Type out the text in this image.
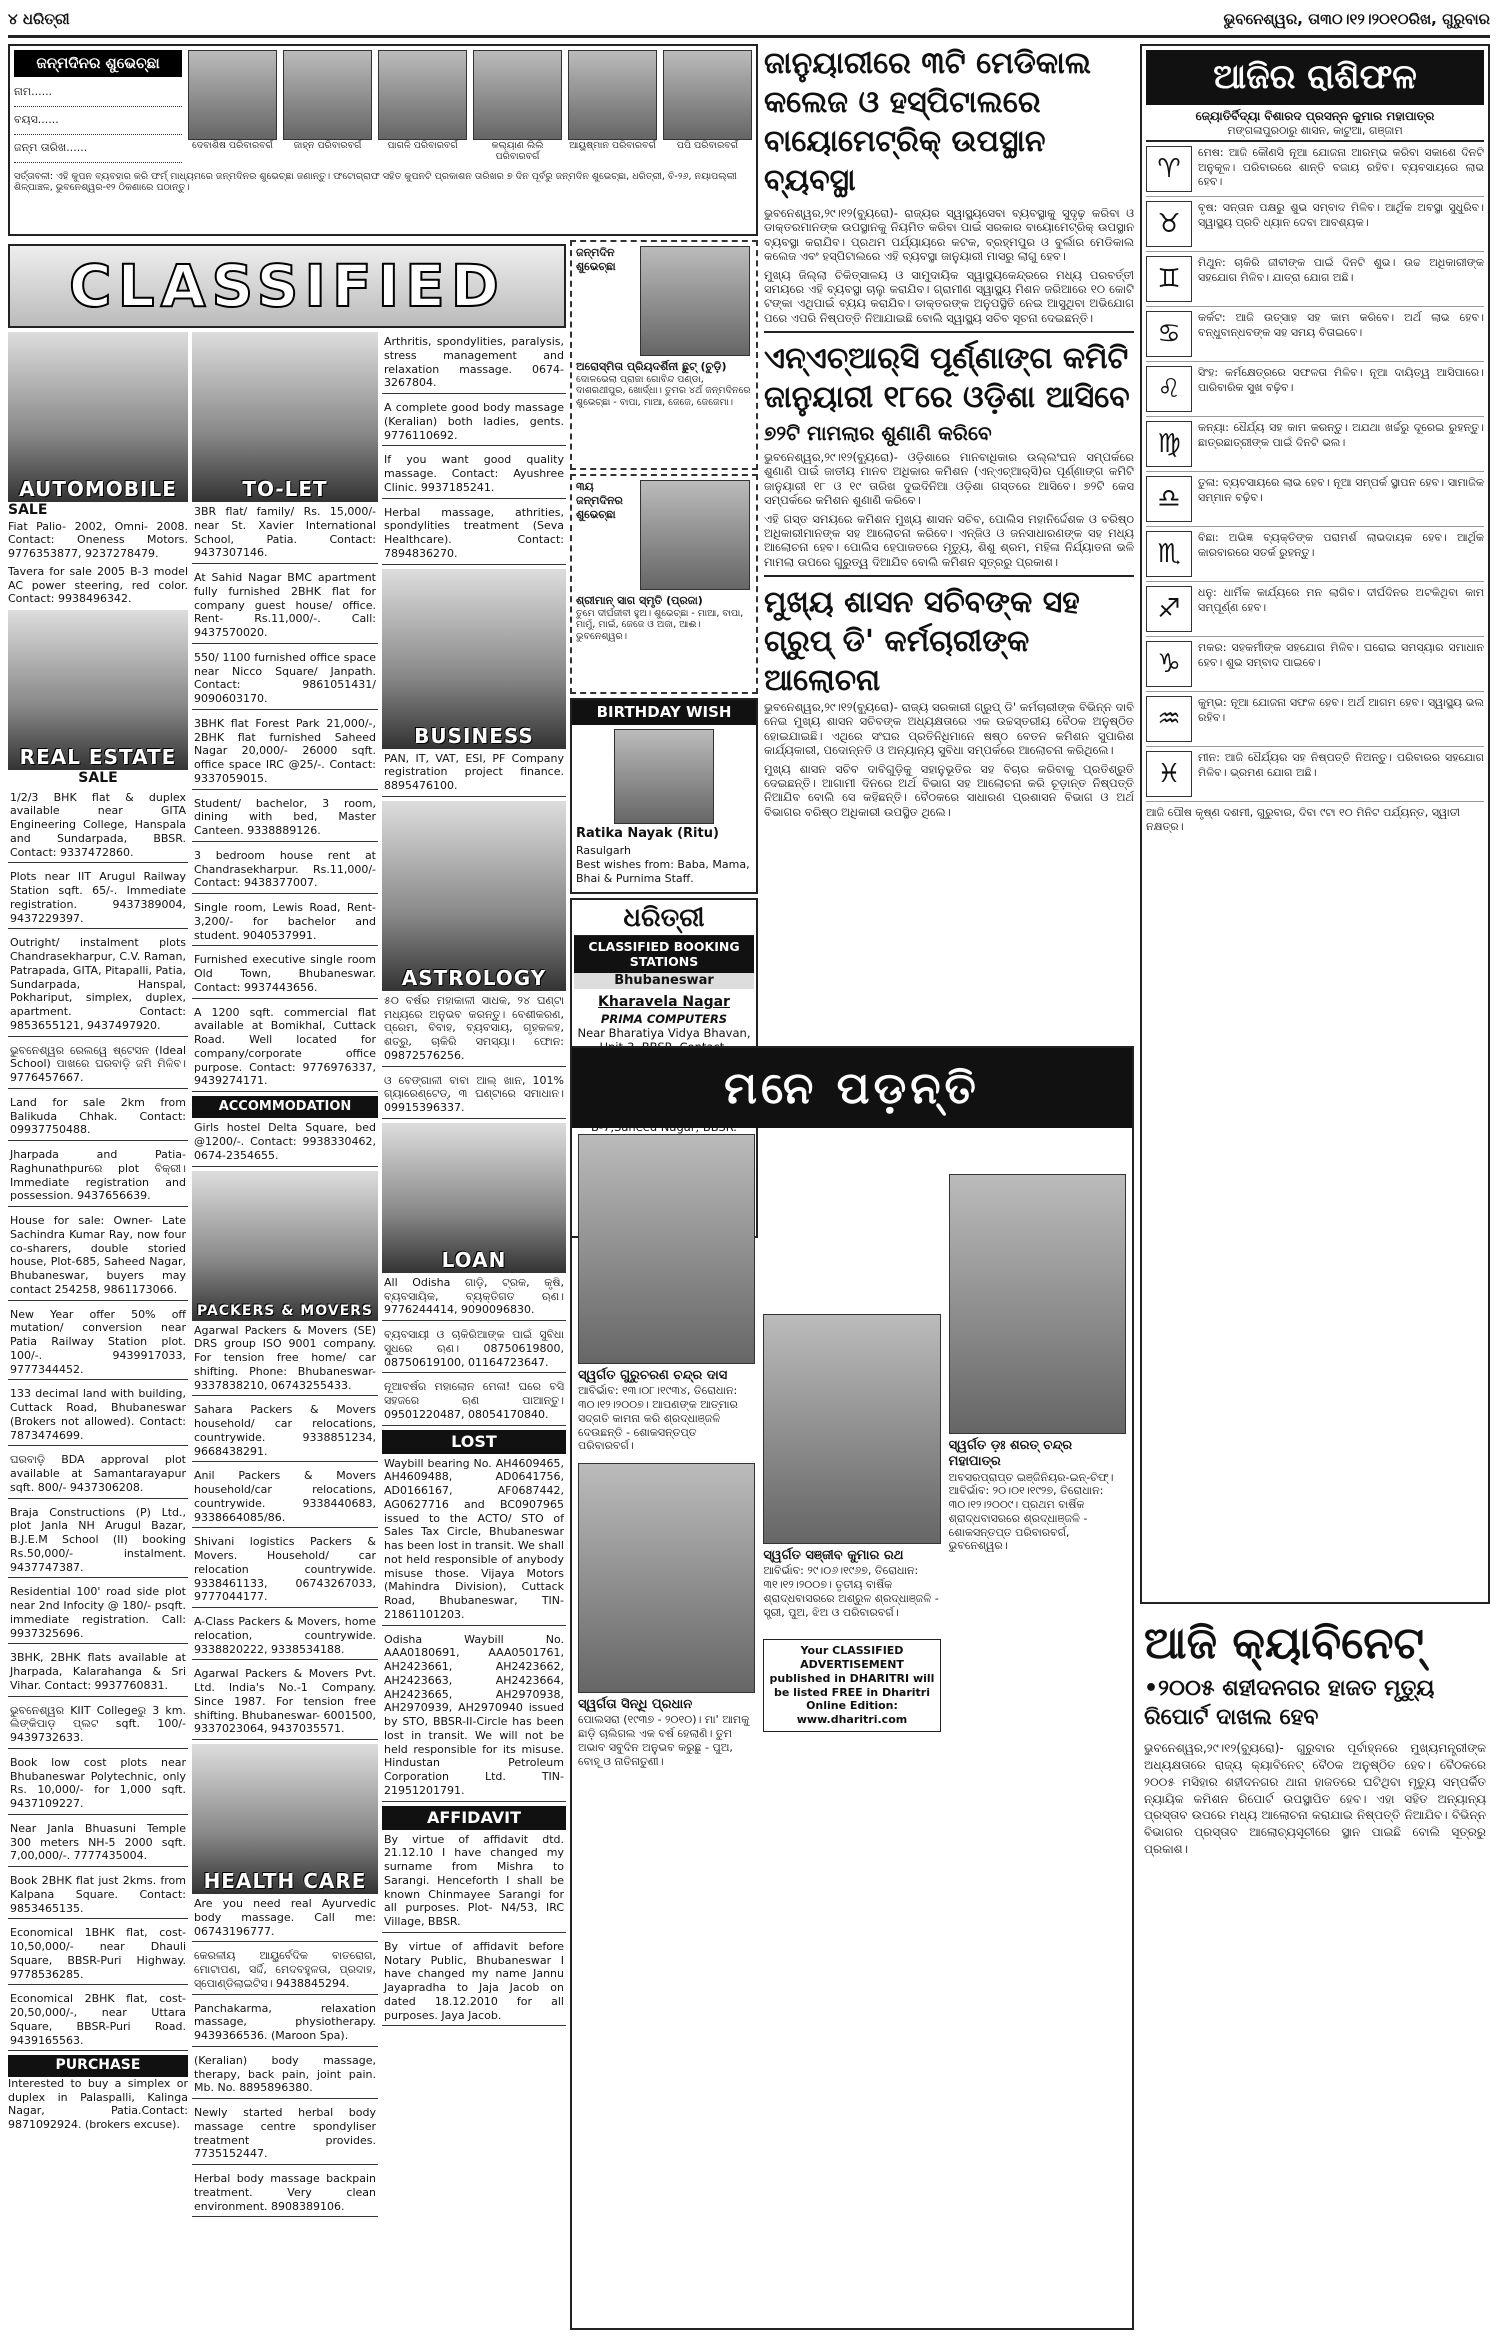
୪ ଧରିତ୍ରୀ	ଭୁବନେଶ୍ୱର, ତା୩୦।୧୨।୨୦୧୦ରିଖ, ଗୁରୁବାର
ଜନ୍ମଦିନର ଶୁଭେଚ୍ଛା
ନାମ......
ବୟସ......
ଜନ୍ମ ତାରିଖ......	ଦେବାଶିଷ ପରିବାରବର୍ଗ	ଜାହ୍ନ ପରିବାରବର୍ଗ	ପାଗଳି ପରିବାରବର୍ଗ	କଲ୍ୟାଣ ଲିଲି ପରିବାରବର୍ଗ
ଆୟୁଷ୍ମାନ ପରିବାରବର୍ଗ	ପପି ପରିବାରବର୍ଗ
ସର୍ତ୍ତାବଳୀ: ଏହି କୁପନ ବ୍ୟବହାର କରି ଫର୍ମ୍ ମାଧ୍ୟମରେ ଜନ୍ମଦିନର ଶୁଭେଚ୍ଛା ଜଣାନ୍ତୁ। ଫଟୋଗ୍ରାଫ ସହିତ କୁପନଟି ପ୍ରକାଶନ ତାରିଖର ୭ ଦିନ ପୂର୍ବରୁ ଜନ୍ମଦିନ ଶୁଭେଚ୍ଛା, ଧରିତ୍ରୀ, ବି-୨୬, ନୟାପଲ୍ଲୀ ଶିଳ୍ପାଞ୍ଚଳ, ଭୁବନେଶ୍ୱର-୧୨ ଠିକଣାରେ ପଠାନ୍ତୁ।
CLASSIFIED
AUTOMOBILE
SALE

Fiat Palio- 2002, Omni- 2008. Contact: Oneness Motors. 9776353877, 9237278479.

Tavera for sale 2005 B-3 model AC power steering, red color. Contact: 9938496342.

REAL ESTATE
SALE

1/2/3 BHK flat & duplex available near GITA Engineering College, Hanspala and Sundarpada, BBSR. Contact: 9337472860.

Plots near IIT Arugul Railway Station sqft. 65/-. Immediate registration. 9437389004, 9437229397.

Outright/ instalment plots Chandrasekharpur, C.V. Raman, Patrapada, GITA, Pitapalli, Patia, Sundarpada, Hanspal, Pokhariput, simplex, duplex, apartment. Contact: 9853655121, 9437497920.

ଭୁବନେଶ୍ୱର ରେଲୱେ ଷ୍ଟେସନ (Ideal School) ପାଖରେ ଘରବାଡ଼ି ଜମି ମିଳିବ। 9776457667.

Land for sale 2km from Balikuda Chhak. Contact: 09937750488.

Jharpada and Patia-Raghunathpurରେ plot ବିକ୍ରୀ। Immediate registration and possession. 9437656639.

House for sale: Owner- Late Sachindra Kumar Ray, now four co-sharers, double storied house, Plot-685, Saheed Nagar, Bhubaneswar, buyers may contact 254258, 9861173066.

New Year offer 50% off mutation/ conversion near Patia Railway Station plot. 100/-. 9439917033, 9777344452.

133 decimal land with building, Cuttack Road, Bhubaneswar (Brokers not allowed). Contact: 7873474699.

ଘରବାଡ଼ି BDA approval plot available at Samantarayapur sqft. 800/- 9437306208.

Braja Constructions (P) Ltd., plot Janla NH Arugul Bazar, B.J.E.M School (II) booking Rs.50,000/- instalment. 9437747387.

Residential 100' road side plot near 2nd Infocity @ 180/- psqft. immediate registration. Call: 9937325696.

3BHK, 2BHK flats available at Jharpada, Kalarahanga & Sri Vihar. Contact: 9937760831.

ଭୁବନେଶ୍ୱର KIIT Collegeରୁ 3 km. ଲିଙ୍କିପାଡ଼ ପ୍ଲଟ sqft. 100/- 9439732633.

Book low cost plots near Bhubaneswar Polytechnic, only Rs. 10,000/- for 1,000 sqft. 9437109227.

Near Janla Bhuasuni Temple 300 meters NH-5 2000 sqft. 7,00,000/-. 7777435004.

Book 2BHK flat just 2kms. from Kalpana Square. Contact: 9853465135.

Economical 1BHK flat, cost- 10,50,000/- near Dhauli Square, BBSR-Puri Highway. 9778536285.

Economical 2BHK flat, cost- 20,50,000/-, near Uttara Square, BBSR-Puri Road. 9439165563.

PURCHASE

Interested to buy a simplex or duplex in Palaspalli, Kalinga Nagar, Patia.Contact: 9871092924. (brokers excuse).

TO-LET

3BR flat/ family/ Rs. 15,000/- near St. Xavier International School, Patia. Contact: 9437307146.

At Sahid Nagar BMC apartment fully furnished 2BHK flat for company guest house/ office. Rent- Rs.11,000/-. Call: 9437570020.

550/ 1100 furnished office space near Nicco Square/ Janpath. Contact: 9861051431/ 9090603170.

3BHK flat Forest Park 21,000/-, 2BHK flat furnished Saheed Nagar 20,000/- 26000 sqft. office space IRC @25/-. Contact: 9337059015.

Student/ bachelor, 3 room, dining with bed, Master Canteen. 9338889126.

3 bedroom house rent at Chandrasekharpur. Rs.11,000/- Contact: 9438377007.

Single room, Lewis Road, Rent- 3,200/- for bachelor and student. 9040537991.

Furnished executive single room Old Town, Bhubaneswar. Contact: 9937443656.

A 1200 sqft. commercial flat available at Bomikhal, Cuttack Road. Well located for company/corporate office purpose. Contact: 9776976337, 9439274171.

ACCOMMODATION

Girls hostel Delta Square, bed @1200/-. Contact: 9938330462, 0674-2354655.

PACKERS & MOVERS

Agarwal Packers & Movers (SE) DRS group ISO 9001 company. For tension free home/ car shifting. Phone: Bhubaneswar- 9337838210, 06743255433.

Sahara Packers & Movers household/ car relocations, countrywide. 9338851234, 9668438291.

Anil Packers & Movers household/car relocations, countrywide. 9338440683, 9338664085/86.

Shivani logistics Packers & Movers. Household/ car relocation countrywide. 9338461133, 06743267033, 9777044177.

A-Class Packers & Movers, home relocation, countrywide. 9338820222, 9338534188.

Agarwal Packers & Movers Pvt. Ltd. India's No.-1 Company. Since 1987. For tension free shifting. Bhubaneswar- 6001500, 9337023064, 9437035571.

HEALTH CARE

Are you need real Ayurvedic body massage. Call me: 06743196777.

କେରଳୀୟ ଆୟୁର୍ବେଦିକ ବାତରୋଗ, ମୋଟାପଣ, ସର୍ଦ୍ଦି, ମେଦବହୁଳତା, ପ୍ରଦାହ, ସ୍ପୋଣ୍ଡିଲାଇଟିସ। 9438845294.

Panchakarma, relaxation massage, physiotherapy. 9439366536. (Maroon Spa).

(Keralian) body massage, therapy, back pain, joint pain. Mb. No. 8895896380.

Newly started herbal body massage centre spondyliser treatment provides. 7735152447.

Herbal body massage backpain treatment. Very clean environment. 8908389106.

Arthritis, spondylities, paralysis, stress management and relaxation massage. 0674-3267804.

A complete good body massage (Keralian) both ladies, gents. 9776110692.

If you want good quality massage. Contact: Ayushree Clinic. 9937185241.

Herbal massage, athrities, spondylities treatment (Seva Healthcare). Contact: 7894836270.

BUSINESS

PAN, IT, VAT, ESI, PF Company registration project finance. 8895476100.

ASTROLOGY

୫୦ ବର୍ଷର ମହାକାଳୀ ସାଧକ, ୨୪ ଘଣ୍ଟା ମଧ୍ୟରେ ଅନୁଭବ କରନ୍ତୁ। ବେଶୀକରଣ, ପ୍ରେମ, ବିବାହ, ବ୍ୟବସାୟ, ଗୃହକଳହ, ଶତ୍ରୁ, ଚାକିରି ସମସ୍ୟା। ଫୋନ: 09872576256.

ଓ ବେଙ୍ଗାଳୀ ବାବା ଆଲ୍ ଖାନ, 101% ଗ୍ୟାରେଣ୍ଟେଡ୍, ୩ ଘଣ୍ଟାରେ ସମାଧାନ। 09915396337.

LOAN

All Odisha ଗାଡ଼ି, ଟ୍ରକ, କୃଷି, ବ୍ୟବସାୟିକ, ବ୍ୟକ୍ତିଗତ ଋଣ। 9776244414, 9090096830.

ବ୍ୟବସାୟୀ ଓ ଚାକିରିଆଙ୍କ ପାଇଁ ସୁବିଧା ସୁଧରେ ଋଣ। 08750619800, 08750619100, 01164723647.

ନୂଆବର୍ଷର ମହାଲୋନ ମେଳା! ଘରେ ବସି ସହଜରେ ଋଣ ପାଆନ୍ତୁ। 09501220487, 08054170840.

LOST

Waybill bearing No. AH4609465, AH4609488, AD0641756, AD0166167, AF0687442, AG0627716 and BC0907965 issued to the ACTO/ STO of Sales Tax Circle, Bhubaneswar has been lost in transit. We shall not held responsible of anybody misuse those. Vijaya Motors (Mahindra Division), Cuttack Road, Bhubaneswar, TIN-21861101203.

Odisha Waybill No. AAA0180691, AAA0501761, AH2423661, AH2423662, AH2423663, AH2423664, AH2423665, AH2970938, AH2970939, AH2970940 issued by STO, BBSR-II-Circle has been lost in transit. We will not be held responsible for its misuse. Hindustan Petroleum Corporation Ltd. TIN-21951201791.

AFFIDAVIT

By virtue of affidavit dtd. 21.12.10 I have changed my surname from Mishra to Sarangi. Henceforth I shall be known Chinmayee Sarangi for all purposes. Plot- N4/53, IRC Village, BBSR.

By virtue of affidavit before Notary Public, Bhubaneswar I have changed my name Jannu Jayapradha to Jaja Jacob on dated 18.12.2010 for all purposes. Jaya Jacob.

ଜନ୍ମଦିନ ଶୁଭେଚ୍ଛା
ଅରୋସ୍ମିତା ପ୍ରିୟଦର୍ଶିନୀ ଛୁଟ୍ (ଚୁଡ଼ି)
ଦୋଳଭେଲା ପ୍ରାଜା ଗୋବିନ୍ଦ ପଣ୍ଡା, ଦାଶରଥୀପୁର, ଖୋର୍ଦ୍ଧା। ତୁମର ୪ର୍ଥ ଜନ୍ମଦିନରେ ଶୁଭେଚ୍ଛା - ବାପା, ମାଆ, ଜେଜେ, ଜେଜେମା।
୩ୟ ଜନ୍ମଦିନର ଶୁଭେଚ୍ଛା
ଶ୍ରୀମାନ୍ ସାଗ ସ୍ମୃତି (ପ୍ରଜା)
ତୁମେ ଦୀର୍ଘଜୀବୀ ହୁଅ। ଶୁଭେଚ୍ଛା - ମାଆ, ବାପା, ମାମୁଁ, ମାଇଁ, ଜେଜେ ଓ ଅଜା, ଆଈ। ଭୁବନେଶ୍ୱର।
BIRTHDAY WISH
Ratika Nayak (Ritu)
Rasulgarh
Best wishes from: Baba, Mama, Bhai & Purnima Staff.
ଧରିତ୍ରୀ
CLASSIFIED BOOKING STATIONS
Bhubaneswar
Kharavela Nagar

PRIMA COMPUTERS

Near Bharatiya Vidya Bhavan,

ଜାନୁୟାରୀରେ ୩ଟି ମେଡିକାଲ କଲେଜ ଓ ହସ୍ପିଟାଲରେ ବାୟୋମେଟ୍ରିକ୍ ଉପସ୍ଥାନ ବ୍ୟବସ୍ଥା

ଭୁବନେଶ୍ୱର,୨୯।୧୨(ବ୍ୟୁରୋ)- ରାଜ୍ୟର ସ୍ୱାସ୍ଥ୍ୟସେବା ବ୍ୟବସ୍ଥାକୁ ସୁଦୃଢ଼ କରିବା ଓ ଡାକ୍ତରମାନଙ୍କ ଉପସ୍ଥାନକୁ ନିୟମିତ କରିବା ପାଇଁ ସରକାର ବାୟୋମେଟ୍ରିକ୍ ଉପସ୍ଥାନ ବ୍ୟବସ୍ଥା କରାଯିବ। ପ୍ରଥମ ପର୍ଯ୍ୟାୟରେ କଟକ, ବ୍ରହ୍ମପୁର ଓ ବୁର୍ଲାର ମେଡିକାଲ କଲେଜ ଏବଂ ହସ୍ପିଟାଲରେ ଏହି ବ୍ୟବସ୍ଥା ଜାନୁୟାରୀ ମାସରୁ ଲାଗୁ ହେବ।

ମୁଖ୍ୟ ଜିଲ୍ଲା ଚିକିତ୍ସାଳୟ ଓ ସାମୁଦାୟିକ ସ୍ୱାସ୍ଥ୍ୟକେନ୍ଦ୍ରରେ ମଧ୍ୟ ପରବର୍ତ୍ତୀ ସମୟରେ ଏହି ବ୍ୟବସ୍ଥା ଚାଲୁ କରାଯିବ। ଗ୍ରାମୀଣ ସ୍ୱାସ୍ଥ୍ୟ ମିଶନ ଜରିଆରେ ୧୦ କୋଟି ଟଙ୍କା ଏଥିପାଇଁ ବ୍ୟୟ କରାଯିବ। ଡାକ୍ତରଙ୍କ ଅନୁପସ୍ଥିତି ନେଇ ଆସୁଥିବା ଅଭିଯୋଗ ପରେ ଏପରି ନିଷ୍ପତ୍ତି ନିଆଯାଇଛି ବୋଲି ସ୍ୱାସ୍ଥ୍ୟ ସଚିବ ସୂଚନା ଦେଇଛନ୍ତି।

ଏନ୍‌ଏଚ୍‌ଆର୍‌ସି ପୂର୍ଣ୍ଣାଙ୍ଗ କମିଟି ଜାନୁୟାରୀ ୧୮ରେ ଓଡ଼ିଶା ଆସିବେ
୭୨ଟି ମାମଲାର ଶୁଣାଣି କରିବେ

ଭୁବନେଶ୍ୱର,୨୯।୧୨(ବ୍ୟୁରୋ)- ଓଡ଼ିଶାରେ ମାନବାଧିକାର ଉଲ୍ଲଂଘନ ସମ୍ପର୍କରେ ଶୁଣାଣି ପାଇଁ ଜାତୀୟ ମାନବ ଅଧିକାର କମିଶନ (ଏନ୍‌ଏଚ୍‌ଆର୍‌ସି)ର ପୂର୍ଣ୍ଣାଙ୍ଗ କମିଟି ଜାନୁୟାରୀ ୧୮ ଓ ୧୯ ତାରିଖ ଦୁଇଦିନିଆ ଓଡ଼ିଶା ଗସ୍ତରେ ଆସିବେ। ୭୨ଟି କେସ ସମ୍ପର୍କରେ କମିଶନ ଶୁଣାଣି କରିବେ।

ଏହି ଗସ୍ତ ସମୟରେ କମିଶନ ମୁଖ୍ୟ ଶାସନ ସଚିବ, ପୋଲିସ ମହାନିର୍ଦ୍ଦେଶକ ଓ ବରିଷ୍ଠ ଅଧିକାରୀମାନଙ୍କ ସହ ଆଲୋଚନା କରିବେ। ଏନ୍‌ଜିଓ ଓ ଜନସାଧାରଣଙ୍କ ସହ ମଧ୍ୟ ଆଲୋଚନା ହେବ। ପୋଲିସ ହେପାଜତରେ ମୃତ୍ୟୁ, ଶିଶୁ ଶ୍ରମ, ମହିଳା ନିର୍ଯ୍ୟାତନା ଭଳି ମାମଲା ଉପରେ ଗୁରୁତ୍ୱ ଦିଆଯିବ ବୋଲି କମିଶନ ସୂତ୍ରରୁ ପ୍ରକାଶ।

ମୁଖ୍ୟ ଶାସନ ସଚିବଙ୍କ ସହ ଗ୍ରୁପ୍ ଡି' କର୍ମଚାରୀଙ୍କ ଆଲୋଚନା

ଭୁବନେଶ୍ୱର,୨୯।୧୨(ବ୍ୟୁରୋ)- ରାଜ୍ୟ ସରକାରୀ ଗ୍ରୁପ୍ ଡି' କର୍ମଚାରୀଙ୍କ ବିଭିନ୍ନ ଦାବି ନେଇ ମୁଖ୍ୟ ଶାସନ ସଚିବଙ୍କ ଅଧ୍ୟକ୍ଷତାରେ ଏକ ଉଚ୍ଚସ୍ତରୀୟ ବୈଠକ ଅନୁଷ୍ଠିତ ହୋଇଯାଇଛି। ଏଥିରେ ସଂଘର ପ୍ରତିନିଧିମାନେ ଷଷ୍ଠ ବେତନ କମିଶନ ସୁପାରିଶ କାର୍ଯ୍ୟକାରୀ, ପଦୋନ୍ନତି ଓ ଅନ୍ୟାନ୍ୟ ସୁବିଧା ସମ୍ପର୍କରେ ଆଲୋଚନା କରିଥିଲେ।

ମୁଖ୍ୟ ଶାସନ ସଚିବ ଦାବିଗୁଡ଼ିକୁ ସହାନୁଭୂତିର ସହ ବିଚାର କରିବାକୁ ପ୍ରତିଶ୍ରୁତି ଦେଇଛନ୍ତି। ଆଗାମୀ ଦିନରେ ଅର୍ଥ ବିଭାଗ ସହ ଆଲୋଚନା କରି ଚୂଡ଼ାନ୍ତ ନିଷ୍ପତ୍ତି ନିଆଯିବ ବୋଲି ସେ କହିଛନ୍ତି। ବୈଠକରେ ସାଧାରଣ ପ୍ରଶାସନ ବିଭାଗ ଓ ଅର୍ଥ ବିଭାଗର ବରିଷ୍ଠ ଅଧିକାରୀ ଉପସ୍ଥିତ ଥିଲେ।

ମନେ ପଡ଼ନ୍ତି
ସ୍ୱର୍ଗତ ଗୁରୁଚରଣ ଚନ୍ଦ୍ର ଦାସ
ଆବିର୍ଭାବ: ୧୩।୦୮।୧୯୩୪, ତିରୋଧାନ: ୩୦।୧୨।୨୦୦୭। ଆପଣଙ୍କ ଆତ୍ମାର ସଦ୍‌ଗତି କାମନା କରି ଶ୍ରଦ୍ଧାଞ୍ଜଳି ଦେଉଛନ୍ତି - ଶୋକସନ୍ତପ୍ତ ପରିବାରବର୍ଗ।
ସ୍ୱର୍ଗତା ସିନ୍ଧି ପ୍ରଧାନ
ପୋଲସରା (୧୯୩୭ - ୨୦୧୦)। ମା' ଆମକୁ ଛାଡ଼ି ଚାଲିଗଲ ଏକ ବର୍ଷ ହେଲାଣି। ତୁମ ଅଭାବ ସବୁଦିନ ଅନୁଭବ କରୁଛୁ - ପୁଅ, ବୋହୂ ଓ ନାତିନାତୁଣୀ।
ସ୍ୱର୍ଗତ ସଞ୍ଜୀବ କୁମାର ରଥ
ଆବିର୍ଭାବ: ୨୯।୦୬।୧୯୬୭, ତିରୋଧାନ: ୩୧।୧୨।୨୦୦୭। ତୃତୀୟ ବାର୍ଷିକ ଶ୍ରାଦ୍ଧବାସରରେ ଅଶ୍ରୁଳ ଶ୍ରଦ୍ଧାଞ୍ଜଳି - ସ୍ତ୍ରୀ, ପୁଅ, ଝିଅ ଓ ପରିବାରବର୍ଗ।
Your CLASSIFIED ADVERTISEMENT published in DHARITRI will be listed FREE in Dharitri Online Edition: www.dharitri.com
ସ୍ୱର୍ଗତ ଡ଼ଃ ଶରତ୍ ଚନ୍ଦ୍ର ମହାପାତ୍ର
ଅବସରପ୍ରାପ୍ତ ଇଞ୍ଜିନିୟର-ଇନ୍-ଚିଫ୍। ଆବିର୍ଭାବ: ୨୦।୦୧।୧୯୨୭, ତିରୋଧାନ: ୩୦।୧୨।୨୦୦୯। ପ୍ରଥମ ବାର୍ଷିକ ଶ୍ରାଦ୍ଧବାସରରେ ଶ୍ରଦ୍ଧାଞ୍ଜଳି - ଶୋକସନ୍ତପ୍ତ ପରିବାରବର୍ଗ, ଭୁବନେଶ୍ୱର।
ଆଜିର ରାଶିଫଳ
ଜ୍ୟୋତିର୍ବିଦ୍ୟା ବିଶାରଦ ପ୍ରସନ୍ନ କୁମାର ମହାପାତ୍ର
ମଙ୍ଗଳାପୁରଠାରୁ ଶାସନ, କାଟୁଆ, ଗଞ୍ଜାମ
♈
ମେଷ: ଆଜି କୌଣସି ନୂଆ ଯୋଜନା ଆରମ୍ଭ କରିବା ସକାଶେ ଦିନଟି ଅନୁକୂଳ। ପରିବାରରେ ଶାନ୍ତି ବଜାୟ ରହିବ। ବ୍ୟବସାୟରେ ଲାଭ ହେବ।
♉
ବୃଷ: ସନ୍ତାନ ପକ୍ଷରୁ ଶୁଭ ସମ୍ବାଦ ମିଳିବ। ଆର୍ଥିକ ଅବସ୍ଥା ସୁଧୁରିବ। ସ୍ୱାସ୍ଥ୍ୟ ପ୍ରତି ଧ୍ୟାନ ଦେବା ଆବଶ୍ୟକ।
♊
ମିଥୁନ: ଚାକିରି ଜୀବୀଙ୍କ ପାଇଁ ଦିନଟି ଶୁଭ। ଉଚ୍ଚ ଅଧିକାରୀଙ୍କ ସହଯୋଗ ମିଳିବ। ଯାତ୍ରା ଯୋଗ ଅଛି।
♋
କର୍କଟ: ଆଜି ଉତ୍ସାହ ସହ କାମ କରିବେ। ଅର୍ଥ ଲାଭ ହେବ। ବନ୍ଧୁବାନ୍ଧବଙ୍କ ସହ ସମୟ ବିତାଇବେ।
♌
ସିଂହ: କର୍ମକ୍ଷେତ୍ରରେ ସଫଳତା ମିଳିବ। ନୂଆ ଦାୟିତ୍ୱ ଆସିପାରେ। ପାରିବାରିକ ସୁଖ ବଢ଼ିବ।
♍
କନ୍ୟା: ଧୈର୍ଯ୍ୟ ସହ କାମ କରନ୍ତୁ। ଅଯଥା ଖର୍ଚ୍ଚରୁ ଦୂରେଇ ରୁହନ୍ତୁ। ଛାତ୍ରଛାତ୍ରୀଙ୍କ ପାଇଁ ଦିନଟି ଭଲ।
♎
ତୁଳା: ବ୍ୟବସାୟରେ ଲାଭ ହେବ। ନୂଆ ସମ୍ପର୍କ ସ୍ଥାପନ ହେବ। ସାମାଜିକ ସମ୍ମାନ ବଢ଼ିବ।
♏
ବିଛା: ଅଭିଜ୍ଞ ବ୍ୟକ୍ତିଙ୍କ ପରାମର୍ଶ ଲାଭଦାୟକ ହେବ। ଆର୍ଥିକ କାରବାରରେ ସତର୍କ ରୁହନ୍ତୁ।
♐
ଧନୁ: ଧାର୍ମିକ କାର୍ଯ୍ୟରେ ମନ ଲାଗିବ। ଦୀର୍ଘଦିନର ଅଟକିଥିବା କାମ ସମ୍ପୂର୍ଣ୍ଣ ହେବ।
♑
ମକର: ସହକର୍ମୀଙ୍କ ସହଯୋଗ ମିଳିବ। ଘରୋଇ ସମସ୍ୟାର ସମାଧାନ ହେବ। ଶୁଭ ସମ୍ବାଦ ପାଇବେ।
♒
କୁମ୍ଭ: ନୂଆ ଯୋଜନା ସଫଳ ହେବ। ଅର୍ଥ ଆଗମ ହେବ। ସ୍ୱାସ୍ଥ୍ୟ ଭଲ ରହିବ।
♓
ମୀନ: ଆଜି ଧୈର୍ଯ୍ୟର ସହ ନିଷ୍ପତ୍ତି ନିଅନ୍ତୁ। ପରିବାରର ସହଯୋଗ ମିଳିବ। ଭ୍ରମଣ ଯୋଗ ଅଛି।
ଆଜି ପୌଷ କୃଷ୍ଣ ଦଶମୀ, ଗୁରୁବାର, ଦିବା ୯ଟା ୧୦ ମିନିଟ ପର୍ଯ୍ୟନ୍ତ, ସ୍ୱାତୀ ନକ୍ଷତ୍ର।
ଆଜି କ୍ୟାବିନେଟ୍
•୨୦୦୫ ଶହୀଦନଗର ହାଜତ ମୃତ୍ୟୁ ରିପୋର୍ଟ ଦାଖଲ ହେବ

ଭୁବନେଶ୍ୱର,୨୯।୧୨(ବ୍ୟୁରୋ)- ଗୁରୁବାର ପୂର୍ବାହ୍ନରେ ମୁଖ୍ୟମନ୍ତ୍ରୀଙ୍କ ଅଧ୍ୟକ୍ଷତାରେ ରାଜ୍ୟ କ୍ୟାବିନେଟ୍ ବୈଠକ ଅନୁଷ୍ଠିତ ହେବ। ବୈଠକରେ ୨୦୦୫ ମସିହାର ଶହୀଦନଗର ଥାନା ହାଜତରେ ଘଟିଥିବା ମୃତ୍ୟୁ ସମ୍ପର୍କିତ ନ୍ୟାୟିକ କମିଶନ ରିପୋର୍ଟ ଉପସ୍ଥାପିତ ହେବ। ଏହା ସହିତ ଅନ୍ୟାନ୍ୟ ପ୍ରସ୍ତାବ ଉପରେ ମଧ୍ୟ ଆଲୋଚନା କରାଯାଇ ନିଷ୍ପତ୍ତି ନିଆଯିବ। ବିଭିନ୍ନ ବିଭାଗର ପ୍ରସ୍ତାବ ଆଲୋଚ୍ୟସୂଚୀରେ ସ୍ଥାନ ପାଇଛି ବୋଲି ସୂତ୍ରରୁ ପ୍ରକାଶ।
